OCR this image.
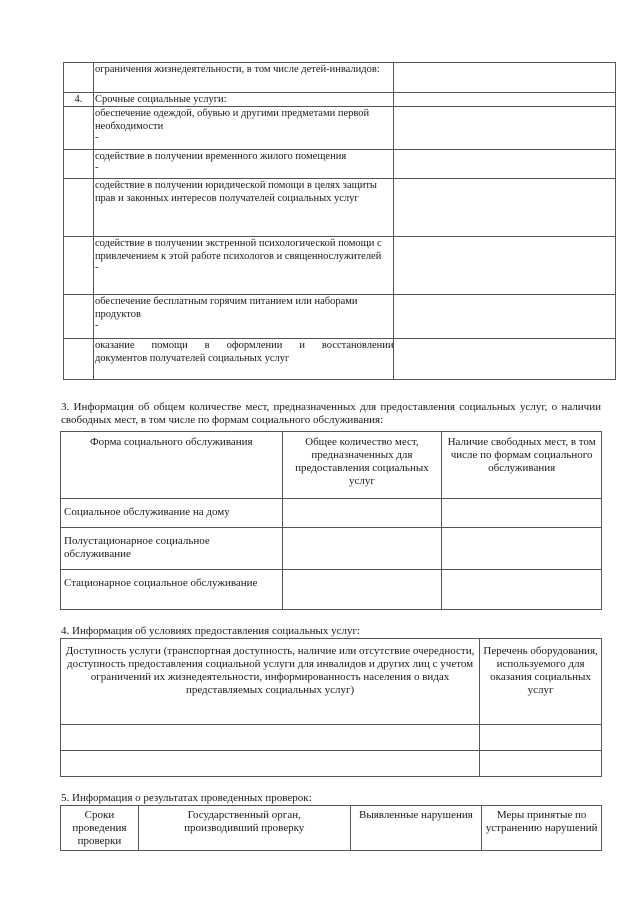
	ограничения жизнедеятельности, в том числе детей-инвалидов:	
4.	Срочные социальные услуги:	

	обеспечение одеждой, обувью и другими предметами первой необходимости
-	

	содействие в получении временного жилого помещения
-	

	содействие в получении юридической помощи в целях защиты прав и законных интересов получателей социальных услуг	

	содействие в получении экстренной психологической помощи с привлечением к этой работе психологов и священнослужителей
-	

	обеспечение бесплатным горячим питанием или наборами продуктов
-	

	оказание помощи в оформлении и восстановлении
документов получателей социальных услуг	

3. Информация об общем количестве мест, предназначенных для предоставления социальных услуг, о наличии свободных мест, в том числе по формам социального обслуживания:

Форма социального обслуживания	Общее количество мест, предназначенных для предоставления социальных услуг	Наличие свободных мест, в том числе по формам социального обслуживания
Социальное обслуживание на дому		
Полустационарное социальное обслуживание		
Стационарное социальное обслуживание		

4. Информация об условиях предоставления социальных услуг:

Доступность услуги (транспортная доступность, наличие или отсутствие очередности, доступность предоставления социальной услуги для инвалидов и других лиц с учетом ограничений их жизнедеятельности, информированность населения о видах представляемых социальных услуг)	Перечень оборудования, используемого для оказания социальных услуг

5. Информация о результатах проведенных проверок:

Сроки проведения проверки	Государственный орган, производивший проверку	Выявленные нарушения	Меры принятые по устранению нарушений
